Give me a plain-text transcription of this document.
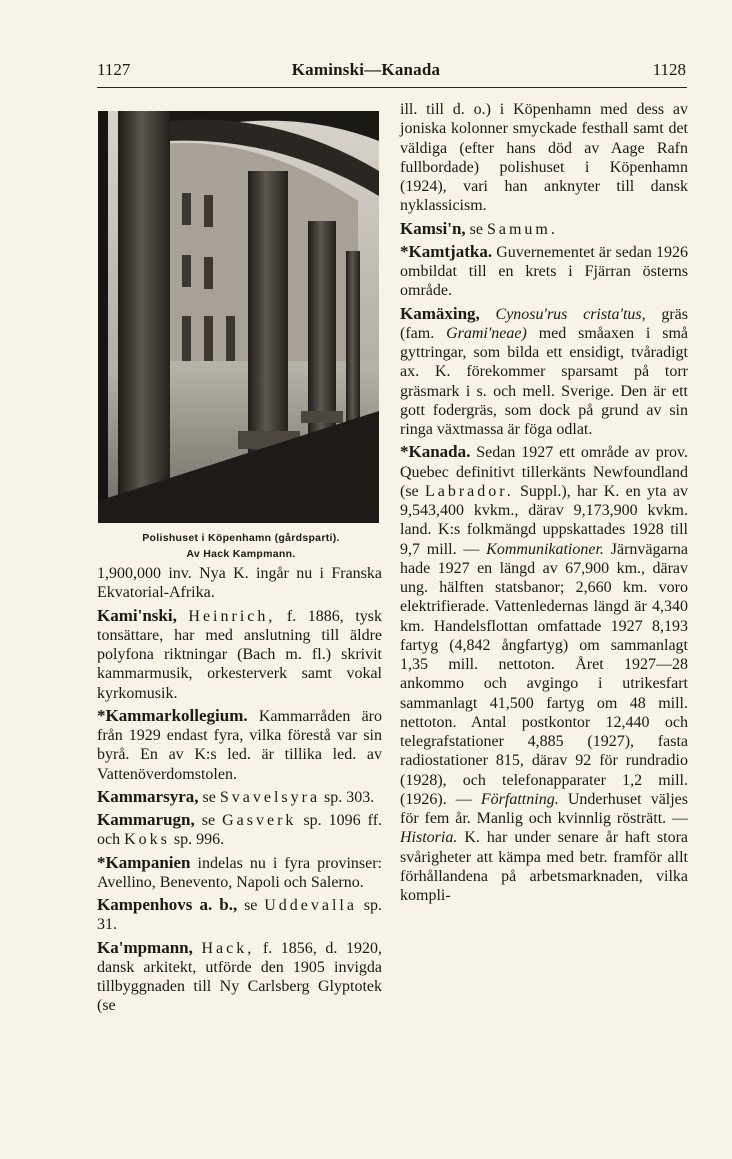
1127	Kaminski—Kanada	1128
Polishuset i Köpenhamn (gårdsparti).
Av Hack Kampmann.

1,900,000 inv. Nya K. ingår nu i Franska Ekvatorial-Afrika.

Kami'nski, Heinrich, f. 1886, tysk tonsättare, har med anslutning till äldre polyfona riktningar (Bach m. fl.) skrivit kammarmusik, orkesterverk samt vokal kyrkomusik.

*Kammarkollegium. Kammarråden äro från 1929 endast fyra, vilka förestå var sin byrå. En av K:s led. är tillika led. av Vattenöverdomstolen.

Kammarsyra, se Svavelsyra sp. 303.

Kammarugn, se Gasverk sp. 1096 ff. och Koks sp. 996.

*Kampanien indelas nu i fyra provinser: Avellino, Benevento, Napoli och Salerno.

Kampenhovs a. b., se Uddevalla sp. 31.

Ka'mpmann, Hack, f. 1856, d. 1920, dansk arkitekt, utförde den 1905 invigda tillbyggnaden till Ny Carlsberg Glyptotek (se

ill. till d. o.) i Köpenhamn med dess av joniska kolonner smyckade festhall samt det väldiga (efter hans död av Aage Rafn fullbordade) polishuset i Köpenhamn (1924), vari han anknyter till dansk nyklassicism.

Kamsi'n, se Samum.

*Kamtjatka. Guvernementet är sedan 1926 ombildat till en krets i Fjärran österns område.

Kamäxing, Cynosu'rus crista'tus, gräs (fam. Grami'neae) med småaxen i små gyttringar, som bilda ett ensidigt, tvåradigt ax. K. förekommer sparsamt på torr gräsmark i s. och mell. Sverige. Den är ett gott fodergräs, som dock på grund av sin ringa växtmassa är föga odlat.

*Kanada. Sedan 1927 ett område av prov. Quebec definitivt tillerkänts Newfoundland (se Labrador. Suppl.), har K. en yta av 9,543,400 kvkm., därav 9,173,900 kvkm. land. K:s folkmängd uppskattades 1928 till 9,7 mill. — Kommunikationer. Järnvägarna hade 1927 en längd av 67,900 km., därav ung. hälften statsbanor; 2,660 km. voro elektrifierade. Vattenledernas längd är 4,340 km. Handelsflottan omfattade 1927 8,193 fartyg (4,842 ångfartyg) om sammanlagt 1,35 mill. nettoton. Året 1927—28 ankommo och avgingo i utrikesfart sammanlagt 41,500 fartyg om 48 mill. nettoton. Antal postkontor 12,440 och telegrafstationer 4,885 (1927), fasta radiostationer 815, därav 92 för rundradio (1928), och telefonapparater 1,2 mill. (1926). — Författning. Underhuset väljes för fem år. Manlig och kvinnlig rösträtt. — Historia. K. har under senare år haft stora svårigheter att kämpa med betr. framför allt förhållandena på arbetsmarknaden, vilka kompli-
